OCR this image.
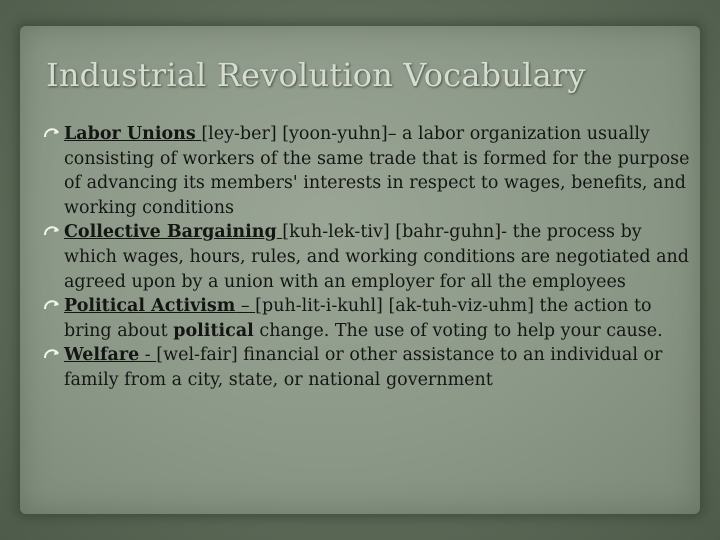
Industrial Revolution Vocabulary
Labor Unions [ley-ber] [yoon-yuhn]– a labor organization usually consisting of workers of the same trade that is formed for the purpose of advancing its members' interests in respect to wages, benefits, and working conditions
Collective Bargaining [kuh-lek-tiv] [bahr-guhn]- the process by which wages, hours, rules, and working conditions are negotiated and agreed upon by a union with an employer for all the employees
Political Activism – [puh-lit-i-kuhl] [ak-tuh-viz-uhm] the action to bring about political change. The use of voting to help your cause.
Welfare - [wel-fair] financial or other assistance to an individual or family from a city, state, or national government
